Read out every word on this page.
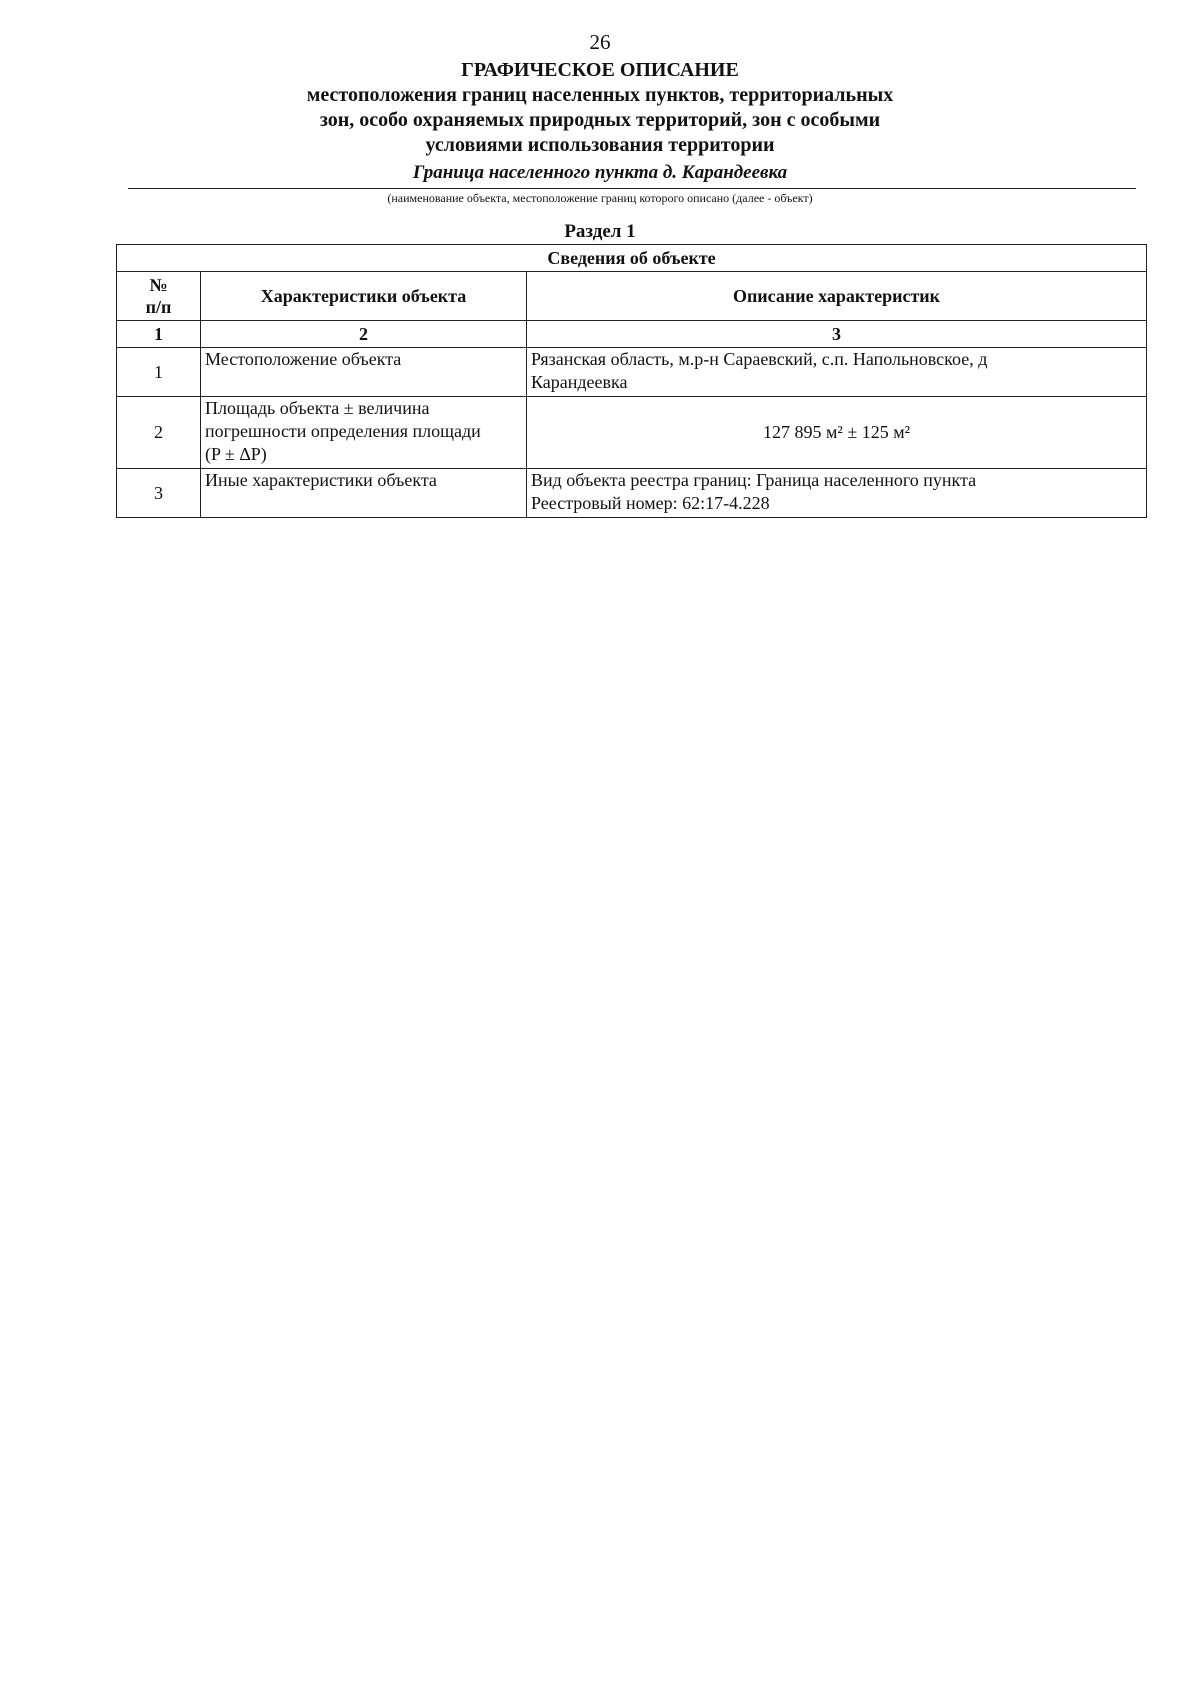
26
ГРАФИЧЕСКОЕ ОПИСАНИЕ
местоположения границ населенных пунктов, территориальных
зон, особо охраняемых природных территорий, зон с особыми
условиями использования территории
Граница населенного пункта д. Карандеевка
(наименование объекта, местоположение границ которого описано (далее - объект)
Раздел 1
Сведения об объекте		

№
п/п	Характеристики объекта	Описание характеристик
1	2	3
1	Местоположение объекта	Рязанская область, м.р-н Сараевский, с.п. Напольновское, д
Карандеевка

2	Площадь объекта ± величина
погрешности определения площади
(P ± ΔP)	127 895 м² ± 125 м²

3	Иные характеристики объекта	Вид объекта реестра границ: Граница населенного пункта
Реестровый номер: 62:17-4.228
